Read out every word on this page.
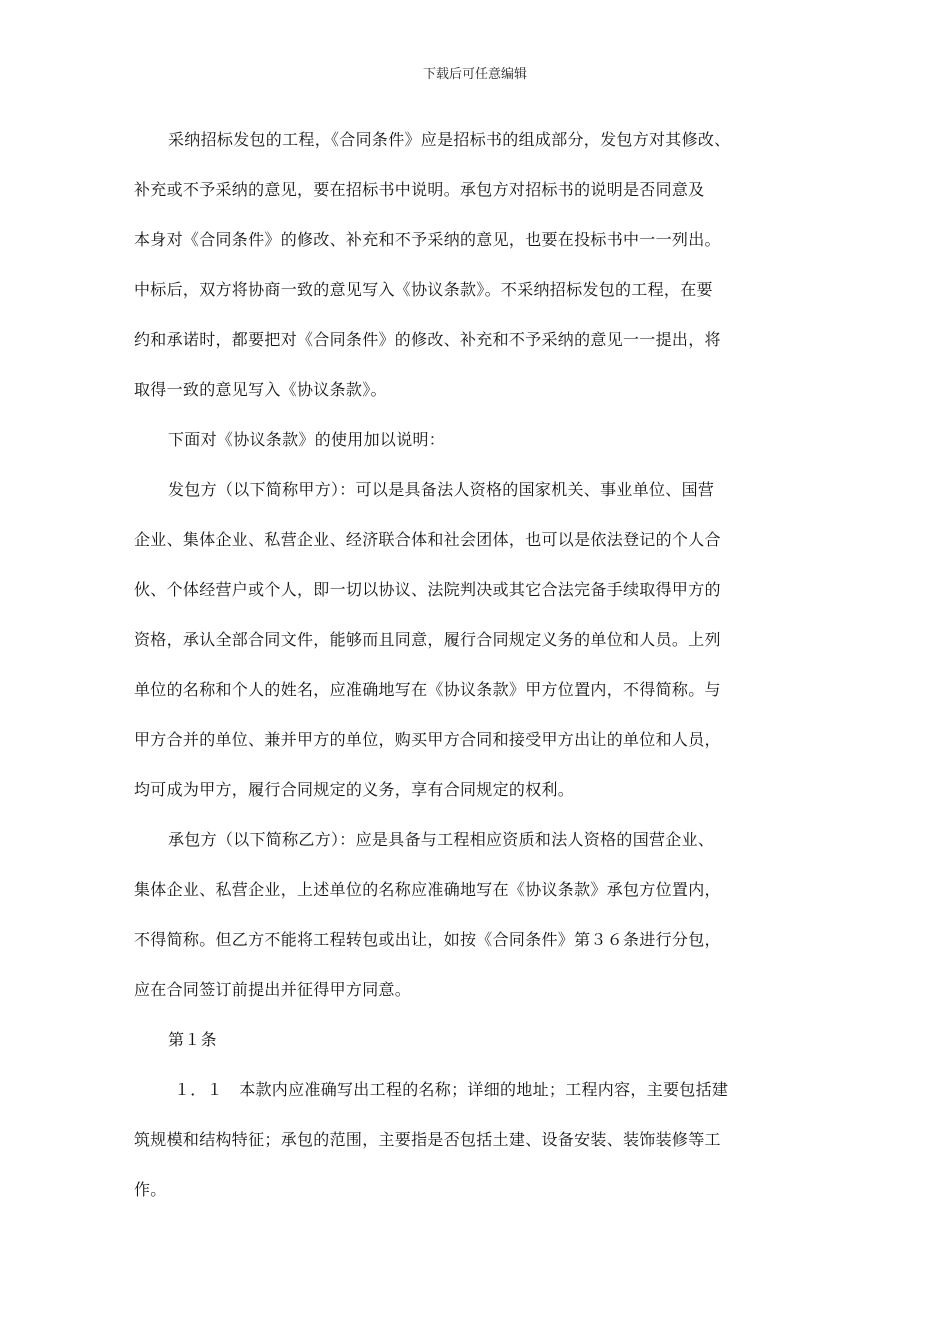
下载后可任意编辑
采纳招标发包的工程，《合同条件》应是招标书的组成部分，发包方对其修改、
补充或不予采纳的意见，要在招标书中说明。承包方对招标书的说明是否同意及
本身对《合同条件》的修改、补充和不予采纳的意见，也要在投标书中一一列出。
中标后，双方将协商一致的意见写入《协议条款》。不采纳招标发包的工程，在要
约和承诺时，都要把对《合同条件》的修改、补充和不予采纳的意见一一提出，将
取得一致的意见写入《协议条款》。
下面对《协议条款》的使用加以说明：
发包方（以下简称甲方）：可以是具备法人资格的国家机关、事业单位、国营
企业、集体企业、私营企业、经济联合体和社会团体，也可以是依法登记的个人合
伙、个体经营户或个人，即一切以协议、法院判决或其它合法完备手续取得甲方的
资格，承认全部合同文件，能够而且同意，履行合同规定义务的单位和人员。上列
单位的名称和个人的姓名，应准确地写在《协议条款》甲方位置内，不得简称。与
甲方合并的单位、兼并甲方的单位，购买甲方合同和接受甲方出让的单位和人员，
均可成为甲方，履行合同规定的义务，享有合同规定的权利。
承包方（以下简称乙方）：应是具备与工程相应资质和法人资格的国营企业、
集体企业、私营企业，上述单位的名称应准确地写在《协议条款》承包方位置内，
不得简称。但乙方不能将工程转包或出让，如按《合同条件》第３６条进行分包，
应在合同签订前提出并征得甲方同意。
第１条
１．１　本款内应准确写出工程的名称；详细的地址；工程内容，主要包括建
筑规模和结构特征；承包的范围，主要指是否包括土建、设备安装、装饰装修等工
作。
